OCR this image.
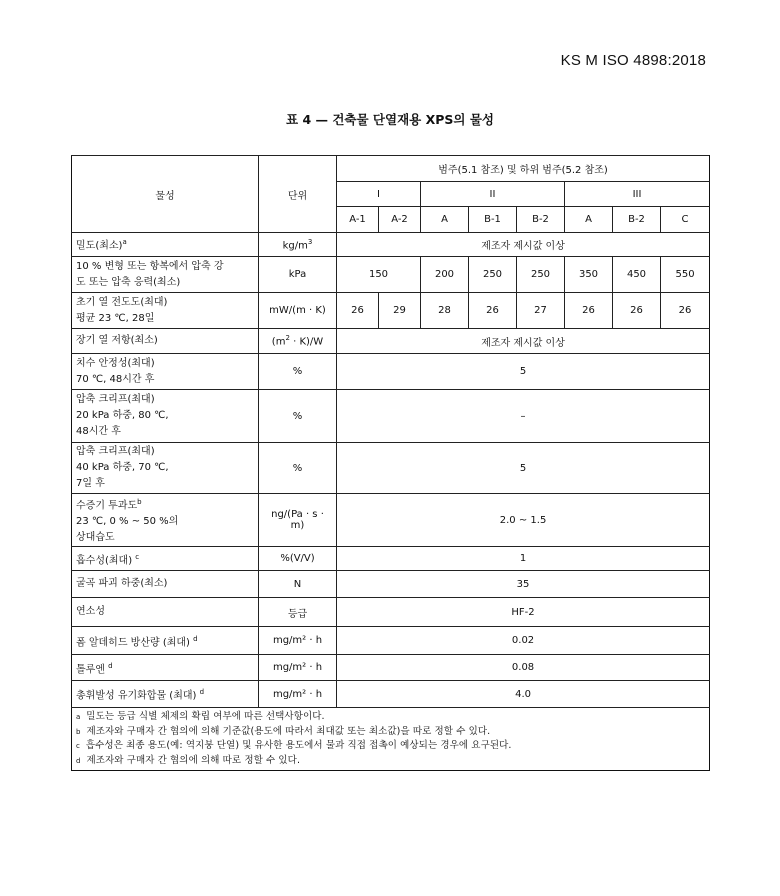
KS M ISO 4898:2018
표 4 — 건축물 단열재용 XPS의 물성
물성	단위	범주(5.1 참조) 및 하위 범주(5.2 참조)							
		I		II			III		
		A-1	A-2	A	B-1	B-2	A	B-2	C
밀도(최소)$^a$	$kg/m^3$	제조자 제시값 이상							
10 % 변형 또는 항복에서 압축 강
도 또는 압축 응력(최소)	kPa	150		200	250	250	350	450	550
초기 열 전도도(최대)
평균 23 ℃, 28일	mW/(m · K)	26	29	28	26	27	26	26	26
장기 열 저항(최소)	$(m^2 \cdot K)/W$	제조자 제시값 이상							
치수 안정성(최대)
70 ℃, 48시간 후	%	5							
압축 크리프(최대)
20 kPa 하중, 80 ℃,
48시간 후	%	–							
압축 크리프(최대)
40 kPa 하중, 70 ℃,
7일 후	%	5							
수증기 투과도$^b$
23 ℃, 0 % ~ 50 %의
상대습도	ng/(Pa · s · m)	2.0 ~ 1.5							
흡수성(최대) $^c$	%(V/V)	1							
굴곡 파괴 하중(최소)	N	35							
연소성	등급	HF-2							
폼 알데히드 방산량 (최대) $^d$	mg/m² · h	0.02							
톨루엔 $^d$	mg/m² · h	0.08							
총휘발성 유기화합물 (최대) $^d$	mg/m² · h	4.0							

$^a$ 밀도는 등급 식별 체제의 확립 여부에 따른 선택사항이다.
$^b$ 제조자와 구매자 간 협의에 의해 기준값(용도에 따라서 최대값 또는 최소값)을 따로 정할 수 있다.
$^c$ 흡수성은 최종 용도(예: 역지붕 단열) 및 유사한 용도에서 물과 직접 접촉이 예상되는 경우에 요구된다.
$^d$ 제조자와 구매자 간 협의에 의해 따로 정할 수 있다.									
